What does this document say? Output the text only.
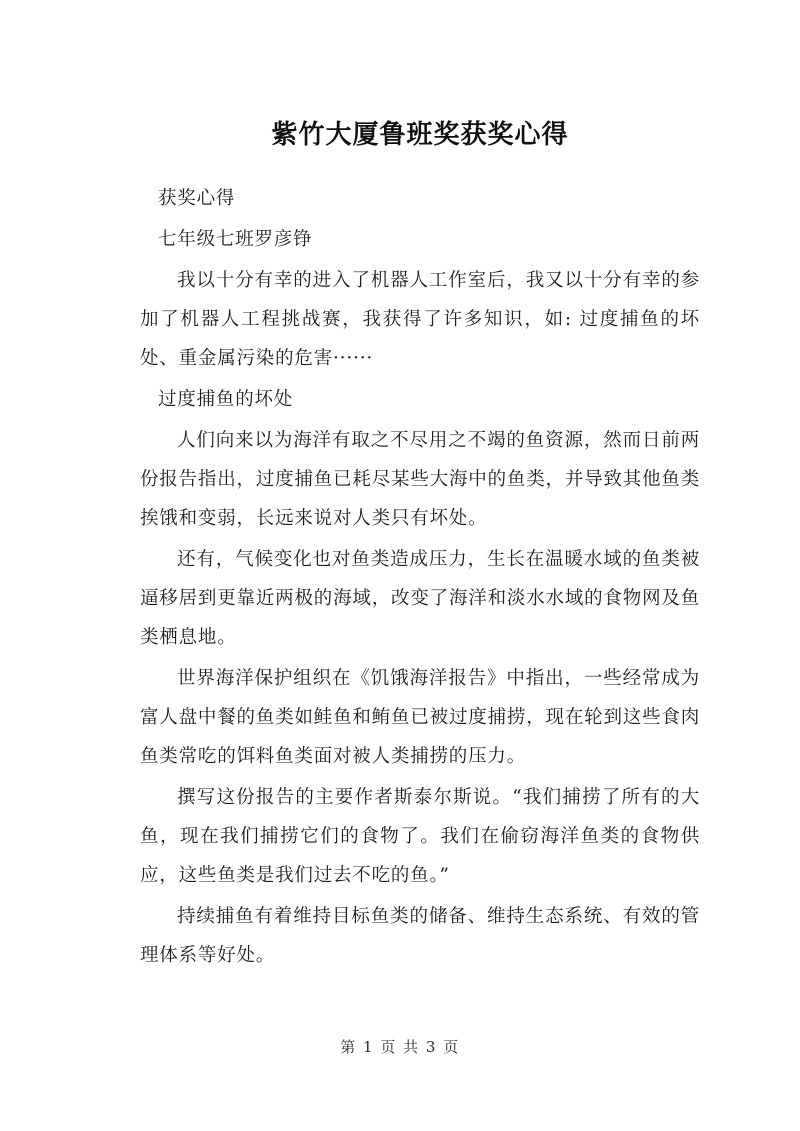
紫竹大厦鲁班奖获奖心得

获奖心得

七年级七班罗彦铮

我以十分有幸的进入了机器人工作室后，我又以十分有幸的参加了机器人工程挑战赛，我获得了许多知识，如: 过度捕鱼的坏处、重金属污染的危害······

过度捕鱼的坏处

人们向来以为海洋有取之不尽用之不竭的鱼资源，然而日前两份报告指出，过度捕鱼已耗尽某些大海中的鱼类，并导致其他鱼类挨饿和变弱，长远来说对人类只有坏处。

还有，气候变化也对鱼类造成压力，生长在温暖水域的鱼类被逼移居到更靠近两极的海域，改变了海洋和淡水水域的食物网及鱼类栖息地。

世界海洋保护组织在《饥饿海洋报告》中指出，一些经常成为富人盘中餐的鱼类如鲑鱼和鲔鱼已被过度捕捞，现在轮到这些食肉鱼类常吃的饵料鱼类面对被人类捕捞的压力。

撰写这份报告的主要作者斯泰尔斯说。“我们捕捞了所有的大鱼，现在我们捕捞它们的食物了。我们在偷窃海洋鱼类的食物供应，这些鱼类是我们过去不吃的鱼。”

持续捕鱼有着维持目标鱼类的储备、维持生态系统、有效的管理体系等好处。

第 1 页 共 3 页
